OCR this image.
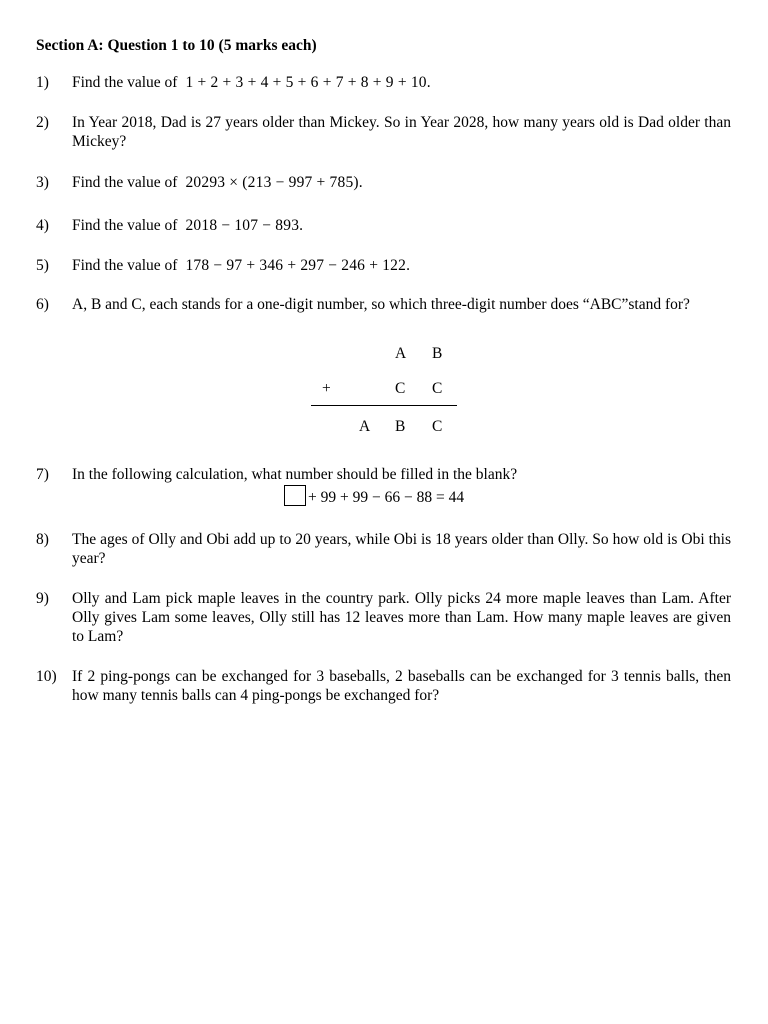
Section A: Question 1 to 10 (5 marks each)
1) Find the value of 1 + 2 + 3 + 4 + 5 + 6 + 7 + 8 + 9 + 10.
2) In Year 2018, Dad is 27 years older than Mickey. So in Year 2028, how many years old is Dad older than Mickey?
3) Find the value of 20293 × (213 − 997 + 785).
4) Find the value of 2018 − 107 − 893.
5) Find the value of 178 − 97 + 346 + 297 − 246 + 122.
6) A, B and C, each stands for a one-digit number, so which three-digit number does “ABC”stand for?
A B
+	C C
A B C
7) In the following calculation, what number should be filled in the blank?
+ 99 + 99 − 66 − 88 = 44
8) The ages of Olly and Obi add up to 20 years, while Obi is 18 years older than Olly. So how old is Obi this year?
9) Olly and Lam pick maple leaves in the country park. Olly picks 24 more maple leaves than Lam. After Olly gives Lam some leaves, Olly still has 12 leaves more than Lam. How many maple leaves are given to Lam?
10) If 2 ping-pongs can be exchanged for 3 baseballs, 2 baseballs can be exchanged for 3 tennis balls, then how many tennis balls can 4 ping-pongs be exchanged for?
